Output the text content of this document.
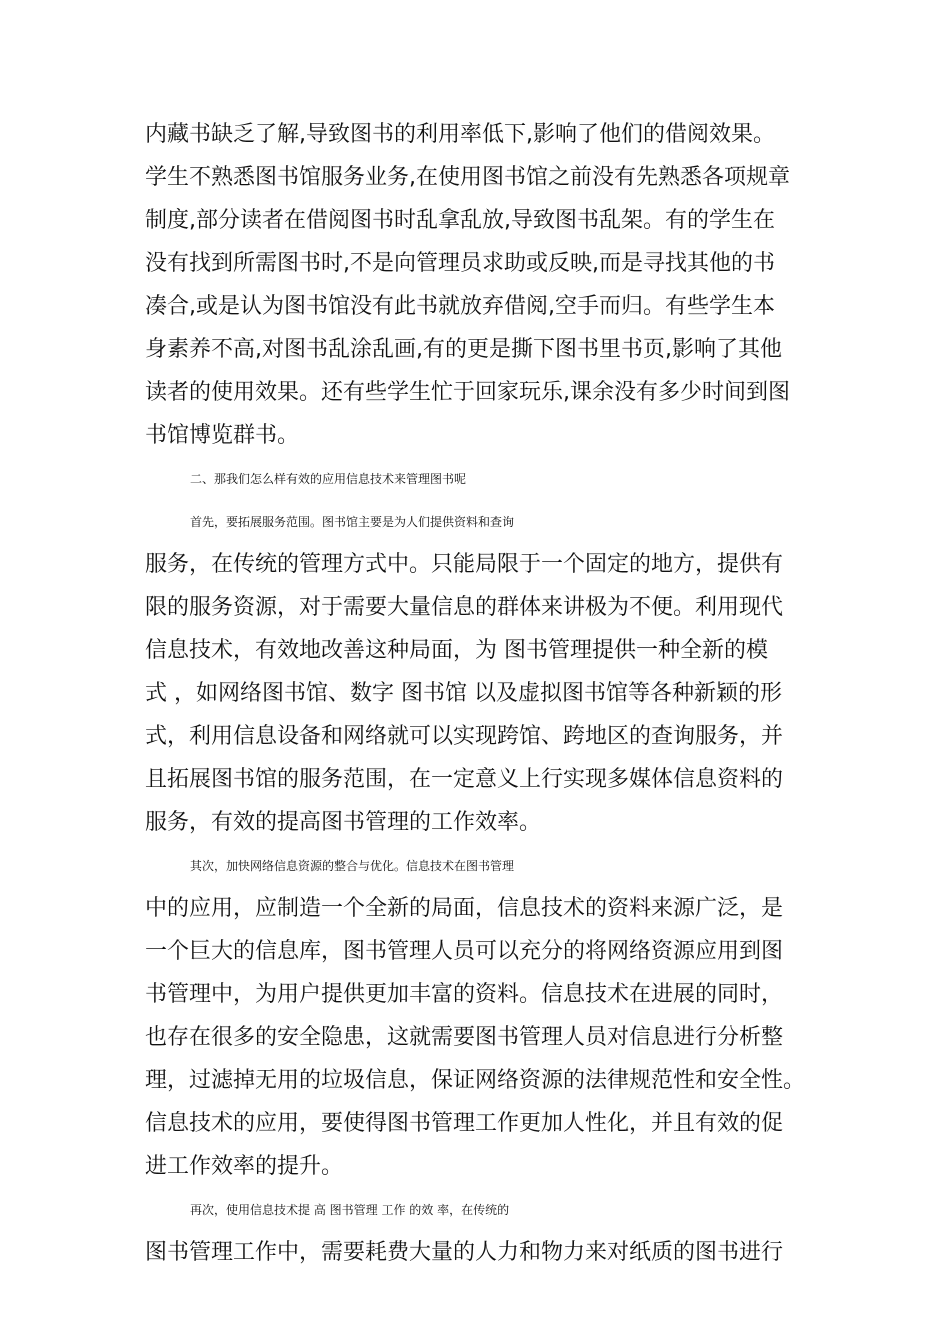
内藏书缺乏了解,导致图书的利用率低下,影响了他们的借阅效果。
学生不熟悉图书馆服务业务,在使用图书馆之前没有先熟悉各项规章
制度,部分读者在借阅图书时乱拿乱放,导致图书乱架。有的学生在
没有找到所需图书时,不是向管理员求助或反映,而是寻找其他的书
凑合,或是认为图书馆没有此书就放弃借阅,空手而归。有些学生本
身素养不高,对图书乱涂乱画,有的更是撕下图书里书页,影响了其他
读者的使用效果。还有些学生忙于回家玩乐,课余没有多少时间到图
书馆博览群书。
二、那我们怎么样有效的应用信息技术来管理图书呢
首先，要拓展服务范围。图书馆主要是为人们提供资料和查询
服务，在传统的管理方式中。只能局限于一个固定的地方，提供有
限的服务资源，对于需要大量信息的群体来讲极为不便。利用现代
信息技术，有效地改善这种局面，为 图书管理提供一种全新的模
式 ，如网络图书馆、数字 图书馆 以及虚拟图书馆等各种新颖的形
式，利用信息设备和网络就可以实现跨馆、跨地区的查询服务，并
且拓展图书馆的服务范围，在一定意义上行实现多媒体信息资料的
服务，有效的提高图书管理的工作效率。
其次，加快网络信息资源的整合与优化。信息技术在图书管理
中的应用，应制造一个全新的局面，信息技术的资料来源广泛，是
一个巨大的信息库，图书管理人员可以充分的将网络资源应用到图
书管理中，为用户提供更加丰富的资料。信息技术在进展的同时，
也存在很多的安全隐患，这就需要图书管理人员对信息进行分析整
理，过滤掉无用的垃圾信息，保证网络资源的法律规范性和安全性。
信息技术的应用，要使得图书管理工作更加人性化，并且有效的促
进工作效率的提升。
再次，使用信息技术提 高 图书管理 工作 的效 率，在传统的
图书管理工作中，需要耗费大量的人力和物力来对纸质的图书进行
